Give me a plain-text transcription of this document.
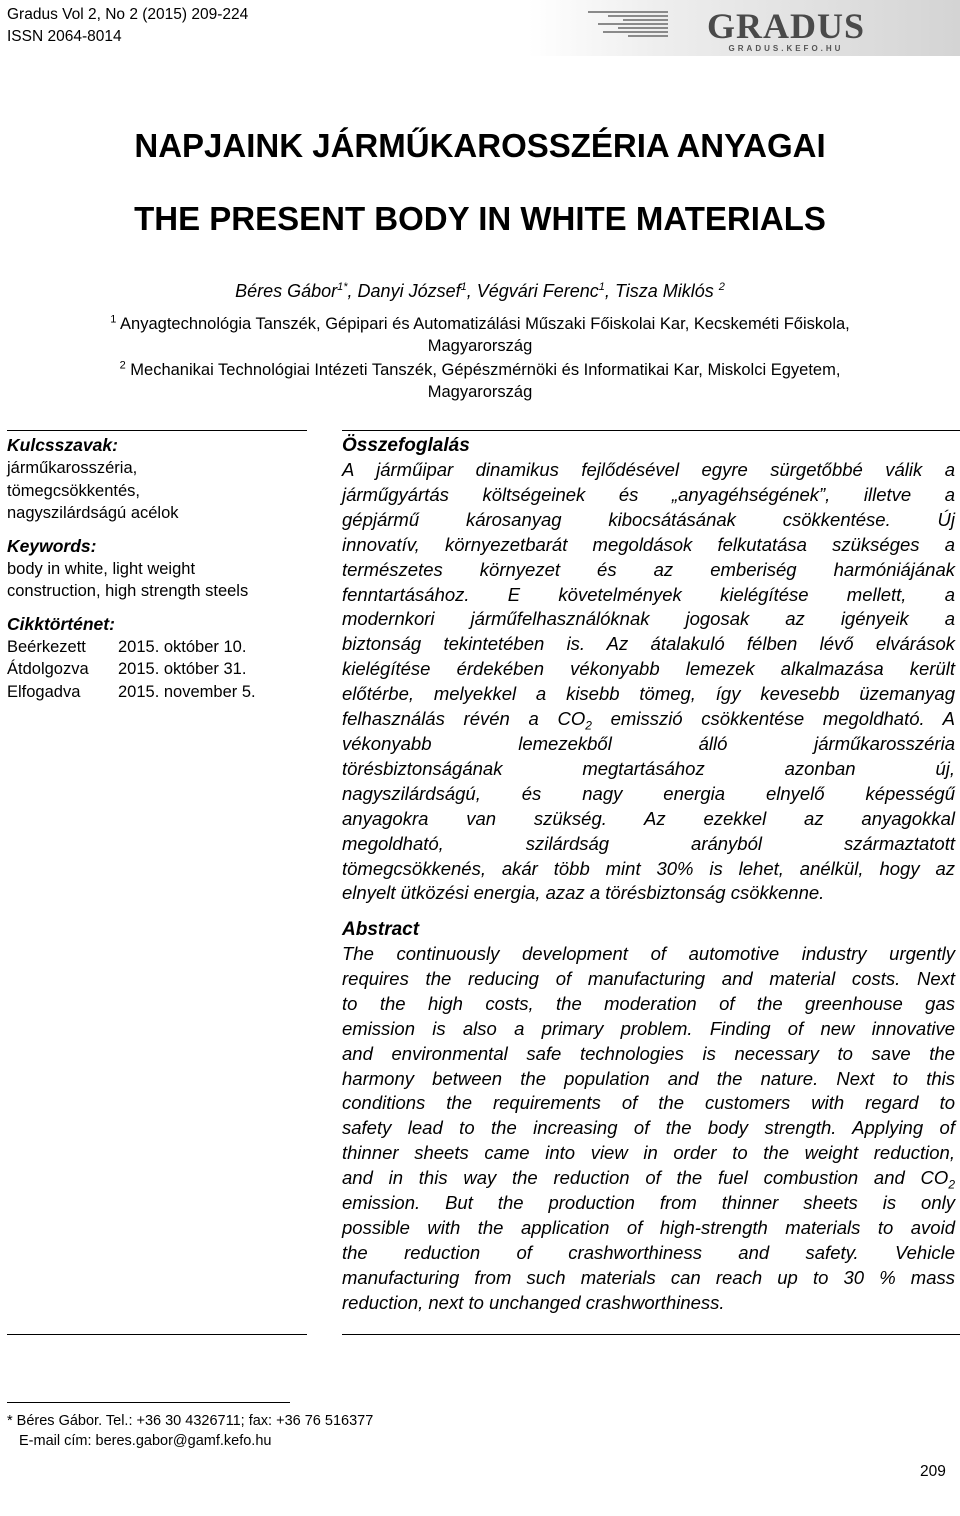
Gradus Vol 2, No 2 (2015) 209-224
ISSN 2064-8014	GRADUS
GRADUS.KEFO.HU
NAPJAINK JÁRMŰKAROSSZÉRIA ANYAGAI
THE PRESENT BODY IN WHITE MATERIALS
Béres Gábor$^{1*}$, Danyi József$^1$, Végvári Ferenc$^1$, Tisza Miklós $^2$
$^1$ Anyagtechnológia Tanszék, Gépipari és Automatizálási Műszaki Főiskolai Kar, Kecskeméti Főiskola,
Magyarország
$^2$ Mechanikai Technológiai Intézeti Tanszék, Gépészmérnöki és Informatikai Kar, Miskolci Egyetem,
Magyarország
Kulcsszavak:
járműkarosszéria,
tömegcsökkentés,
nagyszilárdságú acélok
Keywords:
body in white, light weight
construction, high strength steels
Cikktörténet:
Beérkezett 2015. október 10.
Átdolgozva 2015. október 31.
Elfogadva 2015. november 5.
Összefoglalás
A járműipar dinamikus fejlődésével egyre sürgetőbbé válik a
járműgyártás költségeinek és „anyagéhségének”, illetve a
gépjármű károsanyag kibocsátásának csökkentése. Új
innovatív, környezetbarát megoldások felkutatása szükséges a
természetes környezet és az emberiség harmóniájának
fenntartásához. E követelmények kielégítése mellett, a
modernkori járműfelhasználóknak jogosak az igényeik a
biztonság tekintetében is. Az átalakuló félben lévő elvárások
kielégítése érdekében vékonyabb lemezek alkalmazása került
előtérbe, melyekkel a kisebb tömeg, így kevesebb üzemanyag
felhasználás révén a $CO_2$ emisszió csökkentése megoldható. A
vékonyabb lemezekből álló járműkarosszéria
törésbiztonságának megtartásához azonban új,
nagyszilárdságú, és nagy energia elnyelő képességű
anyagokra van szükség. Az ezekkel az anyagokkal
megoldható, szilárdság arányból származtatott
tömegcsökkenés, akár több mint 30% is lehet, anélkül, hogy az
elnyelt ütközési energia, azaz a törésbiztonság csökkenne.
Abstract
The continuously development of automotive industry urgently
requires the reducing of manufacturing and material costs. Next
to the high costs, the moderation of the greenhouse gas
emission is also a primary problem. Finding of new innovative
and environmental safe technologies is necessary to save the
harmony between the population and the nature. Next to this
conditions the requirements of the customers with regard to
safety lead to the increasing of the body strength. Applying of
thinner sheets came into view in order to the weight reduction,
and in this way the reduction of the fuel combustion and $CO_2$
emission. But the production from thinner sheets is only
possible with the application of high-strength materials to avoid
the reduction of crashworthiness and safety. Vehicle
manufacturing from such materials can reach up to 30 % mass
reduction, next to unchanged crashworthiness.
* Béres Gábor. Tel.: +36 30 4326711; fax: +36 76 516377
E-mail cím: beres.gabor@gamf.kefo.hu
209
